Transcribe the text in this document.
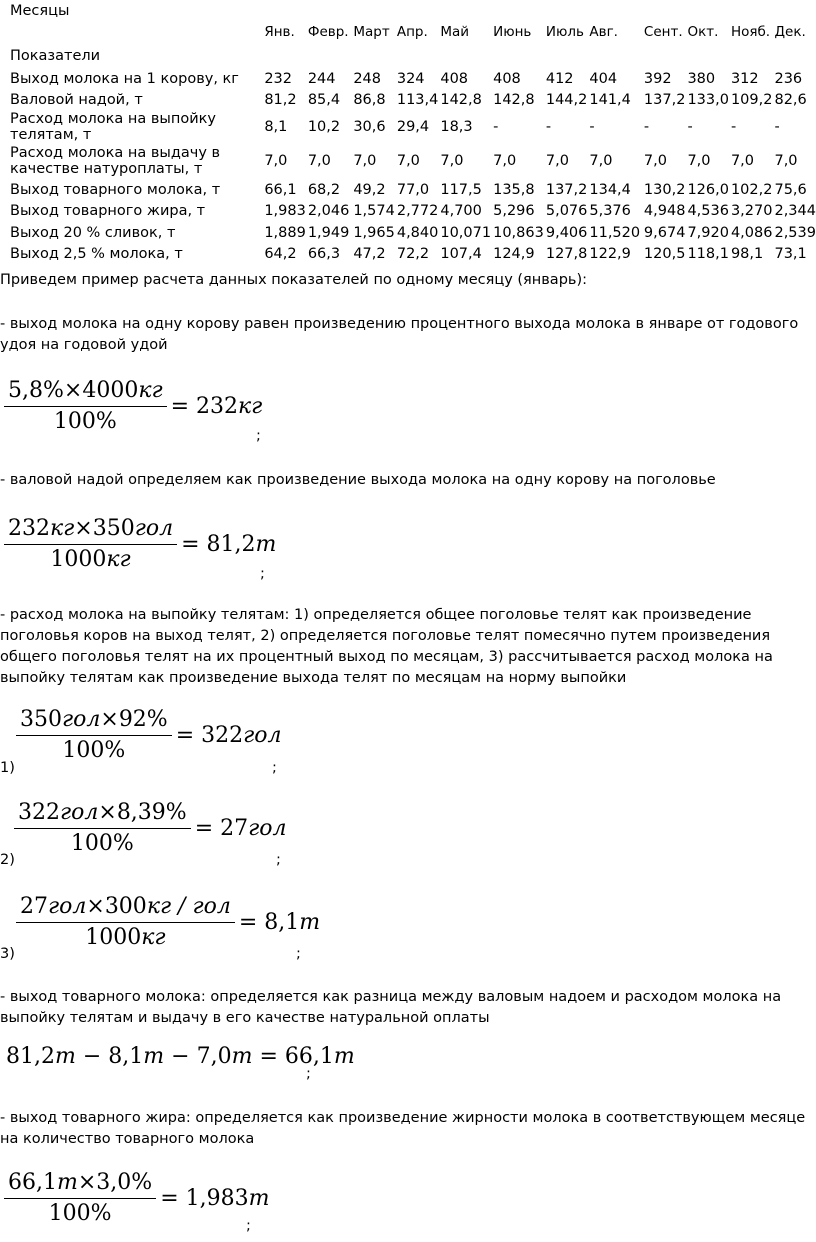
Месяцы
	Янв.	Февр.	Март	Апр.	Май	Июнь	Июль	Авг.	Сент.	Окт.	Нояб.	Дек.
Показатели												
Выход молока на 1 корову, кг	232	244	248	324	408	408	412	404	392	380	312	236
Валовой надой, т	81,2	85,4	86,8	113,4	142,8	142,8	144,2	141,4	137,2	133,0	109,2	82,6
Расход молока на выпойку телятам, т	8,1	10,2	30,6	29,4	18,3	-	-	-	-	-	-	-
Расход молока на выдачу в качестве натуроплаты, т	7,0	7,0	7,0	7,0	7,0	7,0	7,0	7,0	7,0	7,0	7,0	7,0
Выход товарного молока, т	66,1	68,2	49,2	77,0	117,5	135,8	137,2	134,4	130,2	126,0	102,2	75,6
Выход товарного жира, т	1,983	2,046	1,574	2,772	4,700	5,296	5,076	5,376	4,948	4,536	3,270	2,344
Выход 20 % сливок, т	1,889	1,949	1,965	4,840	10,071	10,863	9,406	11,520	9,674	7,920	4,086	2,539
Выход 2,5 % молока, т	64,2	66,3	47,2	72,2	107,4	124,9	127,8	122,9	120,5	118,1	98,1	73,1
Приведем пример расчета данных показателей по одному месяцу (январь):
- выход молока на одну корову равен произведению процентного выхода молока в январе от годового удоя на годовой удой
$\frac{5,8\%\times 4000кг}{100\%} = 232кг$
;
- валовой надой определяем как произведение выхода молока на одну корову на поголовье
$\frac{\text{232кг×350гол}}{1000кг} = 81,2т$
;
- расход молока на выпойку телятам: 1) определяется общее поголовье телят как произведение поголовья коров на выход телят, 2) определяется поголовье телят помесячно путем произведения общего поголовья телят на их процентный выход по месяцам, 3) рассчитывается расход молока на выпойку телятам как произведение выхода телят по месяцам на норму выпойки
1)
$\frac{\text{350гол×92\%}}{100\%} = 322гол$
;
2)
$\frac{\text{322гол×8,39\%}}{100\%} = 27гол$
;
3)
$\frac{\text{27гол×300кг / гол}}{1000кг} = 8,1т$
;
- выход товарного молока: определяется как разница между валовым надоем и расходом молока на выпойку телятам и выдачу в его качестве натуральной оплаты
81,2т − 8,1т − 7,0т = 66,1т
;
- выход товарного жира: определяется как произведение жирности молока в соответствующем месяце на количество товарного молока
$\frac{66,1т\times 3,0\%}{100\%} = 1,983т$
;
